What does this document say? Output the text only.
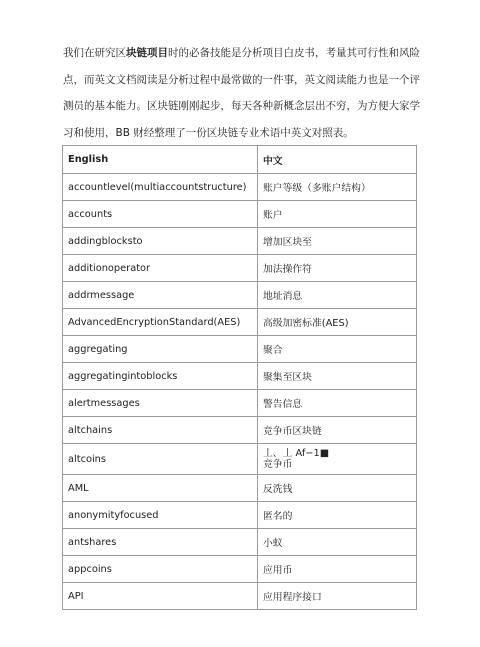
我们在研究区块链项目时的必备技能是分析项目白皮书，考量其可行性和风险
点，而英文文档阅读是分析过程中最常做的一件事，英文阅读能力也是一个评
测员的基本能力。区块链刚刚起步，每天各种新概念层出不穷，为方便大家学
习和使用，BB 财经整理了一份区块链专业术语中英文对照表。

English	中文
accountlevel(multiaccountstructure)	账户等级（多账户结构）
accounts	账户
addingblocksto	增加区块至
additionoperator	加法操作符
addrmessage	地址消息
AdvancedEncryptionStandard(AES)	高级加密标准(AES)
aggregating	聚合
aggregatingintoblocks	聚集至区块
alertmessages	警告信息
altchains	竞争币区块链
altcoins	丄、丄 Af−1■
竞争币

AML	反洗钱
anonymityfocused	匿名的
antshares	小蚁
appcoins	应用币
API	应用程序接口
